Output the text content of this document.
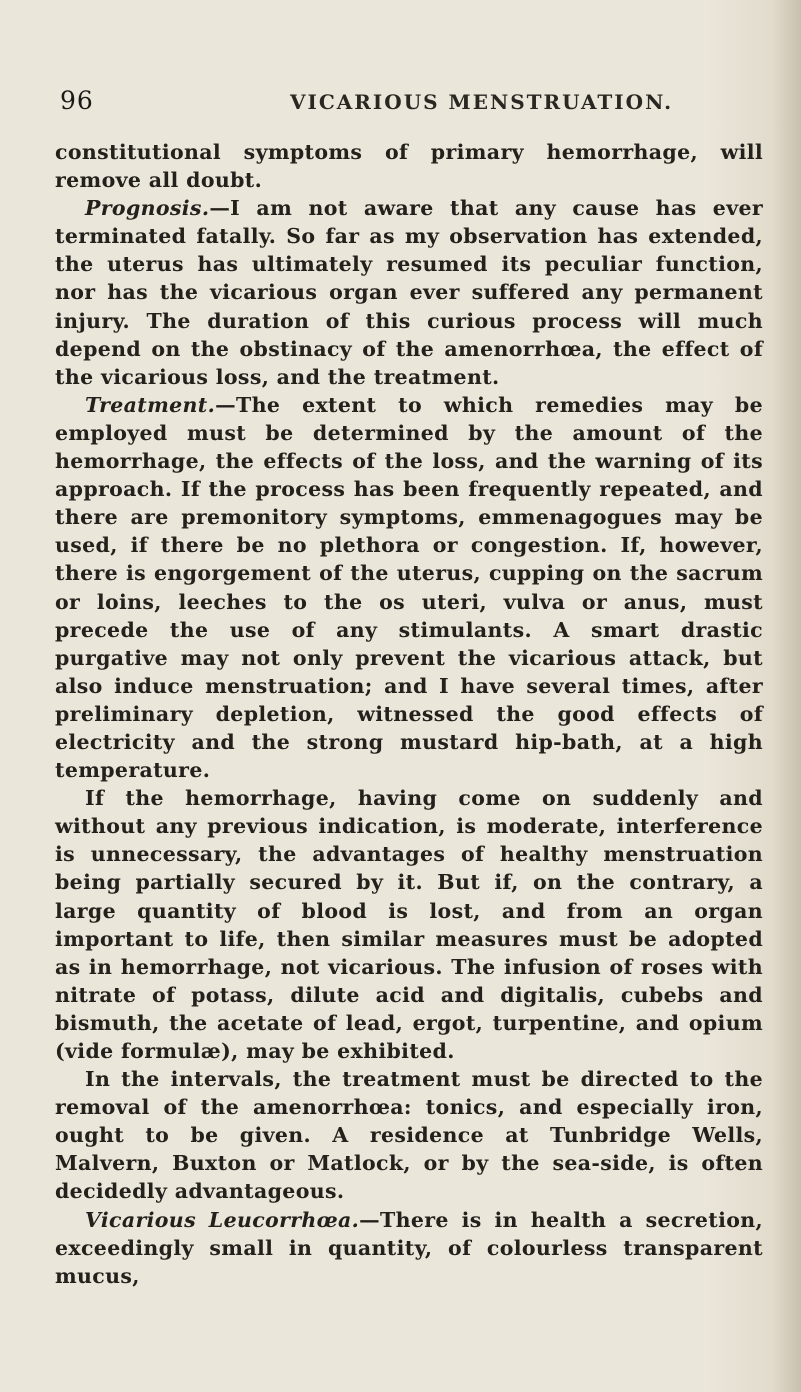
96	VICARIOUS MENSTRUATION.

constitutional symptoms of primary hemorrhage, will remove all doubt.

Prognosis.—I am not aware that any cause has ever terminated fatally. So far as my observation has extended, the uterus has ultimately resumed its peculiar function, nor has the vicarious organ ever suffered any permanent injury. The duration of this curious process will much depend on the obstinacy of the amenorrhœa, the effect of the vicarious loss, and the treatment.

Treatment.—The extent to which remedies may be employed must be determined by the amount of the hemorrhage, the effects of the loss, and the warning of its approach. If the process has been frequently repeated, and there are premonitory symptoms, emmenagogues may be used, if there be no plethora or congestion. If, however, there is engorgement of the uterus, cupping on the sacrum or loins, leeches to the os uteri, vulva or anus, must precede the use of any stimulants. A smart drastic purgative may not only prevent the vicarious attack, but also induce menstruation; and I have several times, after preliminary depletion, witnessed the good effects of electricity and the strong mustard hip-bath, at a high temperature.

If the hemorrhage, having come on suddenly and without any previous indication, is moderate, interference is unnecessary, the advantages of healthy menstruation being partially secured by it. But if, on the contrary, a large quantity of blood is lost, and from an organ important to life, then similar measures must be adopted as in hemorrhage, not vicarious. The infusion of roses with nitrate of potass, dilute acid and digitalis, cubebs and bismuth, the acetate of lead, ergot, turpentine, and opium (vide formulæ), may be exhibited.

In the intervals, the treatment must be directed to the removal of the amenorrhœa: tonics, and especially iron, ought to be given. A residence at Tunbridge Wells, Malvern, Buxton or Matlock, or by the sea-side, is often decidedly advantageous.

Vicarious Leucorrhœa.—There is in health a secretion, exceedingly small in quantity, of colourless transparent mucus,
